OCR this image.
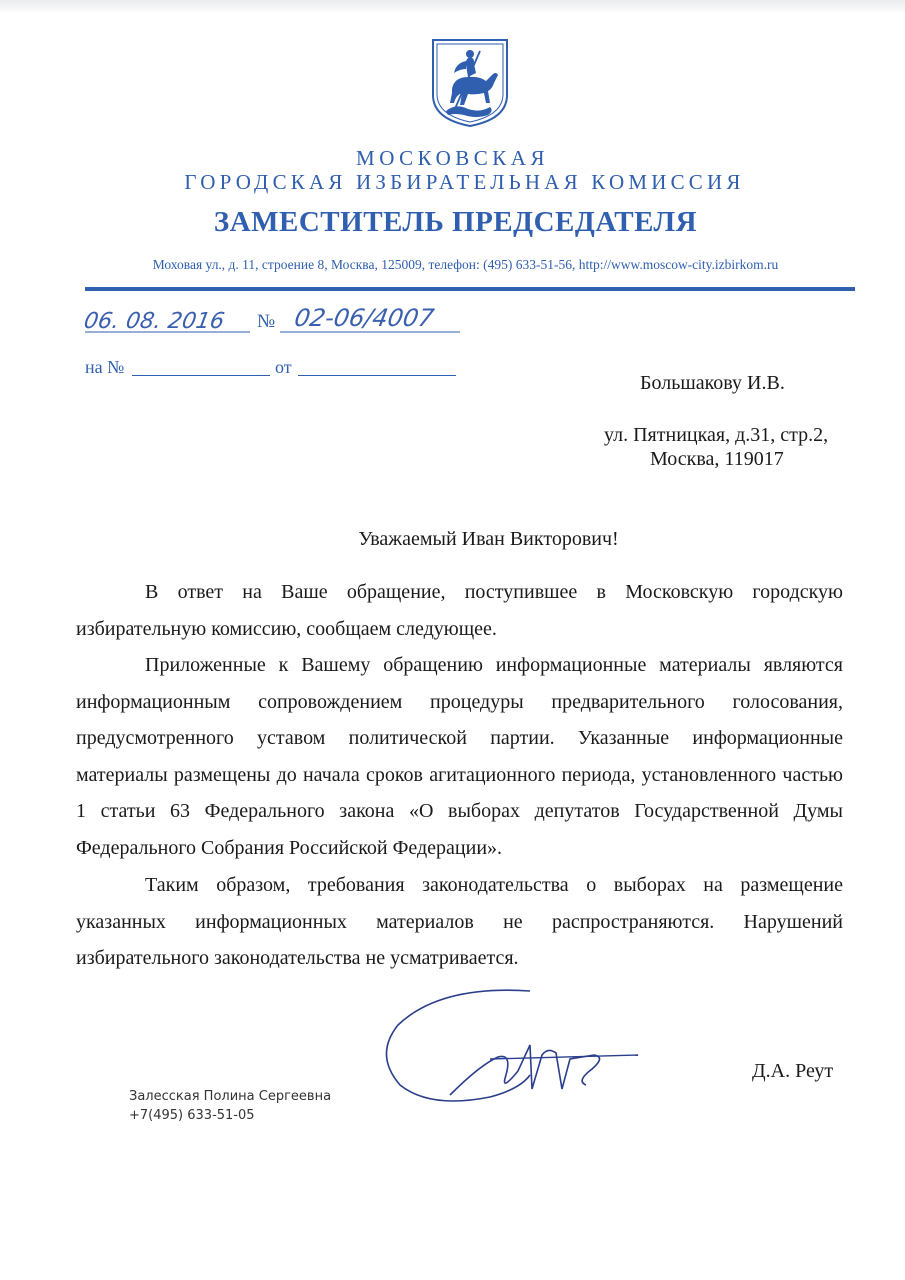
МОСКОВСКАЯ
ГОРОДСКАЯ ИЗБИРАТЕЛЬНАЯ КОМИССИЯ
ЗАМЕСТИТЕЛЬ ПРЕДСЕДАТЕЛЯ
Моховая ул., д. 11, строение 8, Москва, 125009, телефон: (495) 633-51-56, http://www.moscow-city.izbirkom.ru
06. 08. 2016	02-06/4007
№
на №	от
Большакову И.В.
ул. Пятницкая, д.31, стр.2,
Москва, 119017
Уважаемый Иван Викторович!
В ответ на Ваше обращение, поступившее в Московскую городскую избирательную комиссию, сообщаем следующее.
Приложенные к Вашему обращению информационные материалы являются информационным сопровождением процедуры предварительного голосования, предусмотренного уставом политической партии. Указанные информационные материалы размещены до начала сроков агитационного периода, установленного частью 1 статьи 63 Федерального закона «О выборах депутатов Государственной Думы Федерального Собрания Российской Федерации».
Таким образом, требования законодательства о выборах на размещение указанных информационных материалов не распространяются. Нарушений избирательного законодательства не усматривается.
Д.А. Реут
Залесская Полина Сергеевна
+7(495) 633-51-05
